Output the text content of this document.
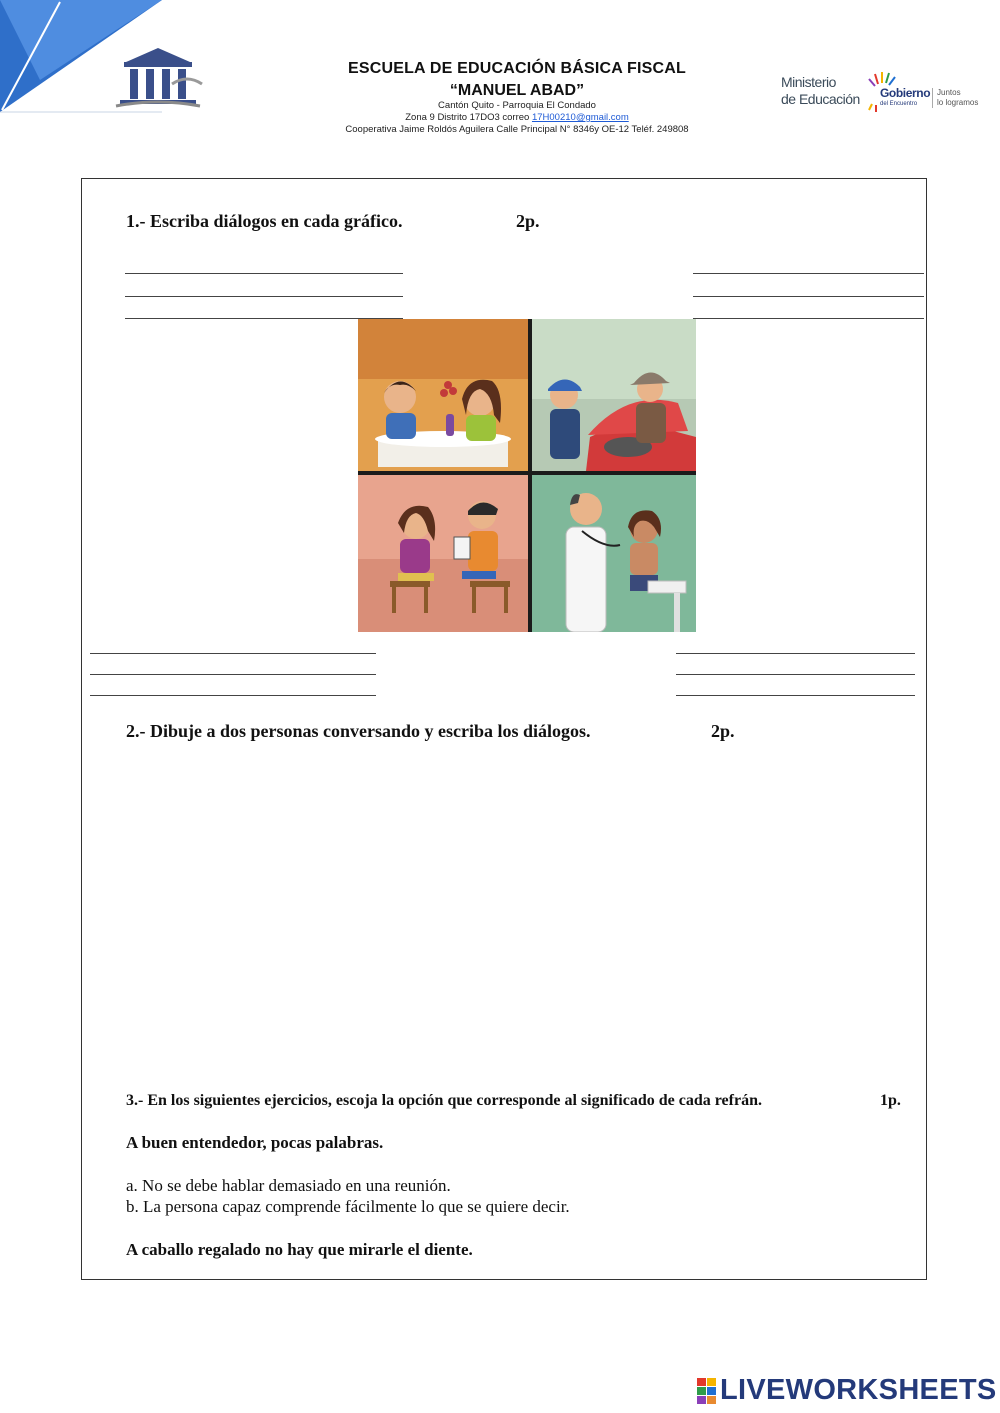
ESCUELA DE EDUCACIÓN BÁSICA FISCAL
“MANUEL ABAD”
Cantón Quito - Parroquia El Condado
Zona 9 Distrito 17DO3 correo 17H00210@gmail.com
Cooperativa Jaime Roldós Aguilera Calle Principal N° 8346y OE-12 Teléf. 249808
Ministerio
de Educación Gobierno
del Encuentro
Juntos
lo logramos
1.- Escriba diálogos en cada gráfico.	2p.
2.- Dibuje a dos personas conversando y escriba los diálogos.	2p.
3.- En los siguientes ejercicios, escoja la opción que corresponde al significado de cada refrán.	1p.
A buen entendedor, pocas palabras.
a. No se debe hablar demasiado en una reunión.
b. La persona capaz comprende fácilmente lo que se quiere decir.
A caballo regalado no hay que mirarle el diente.
LIVEWORKSHEETS
